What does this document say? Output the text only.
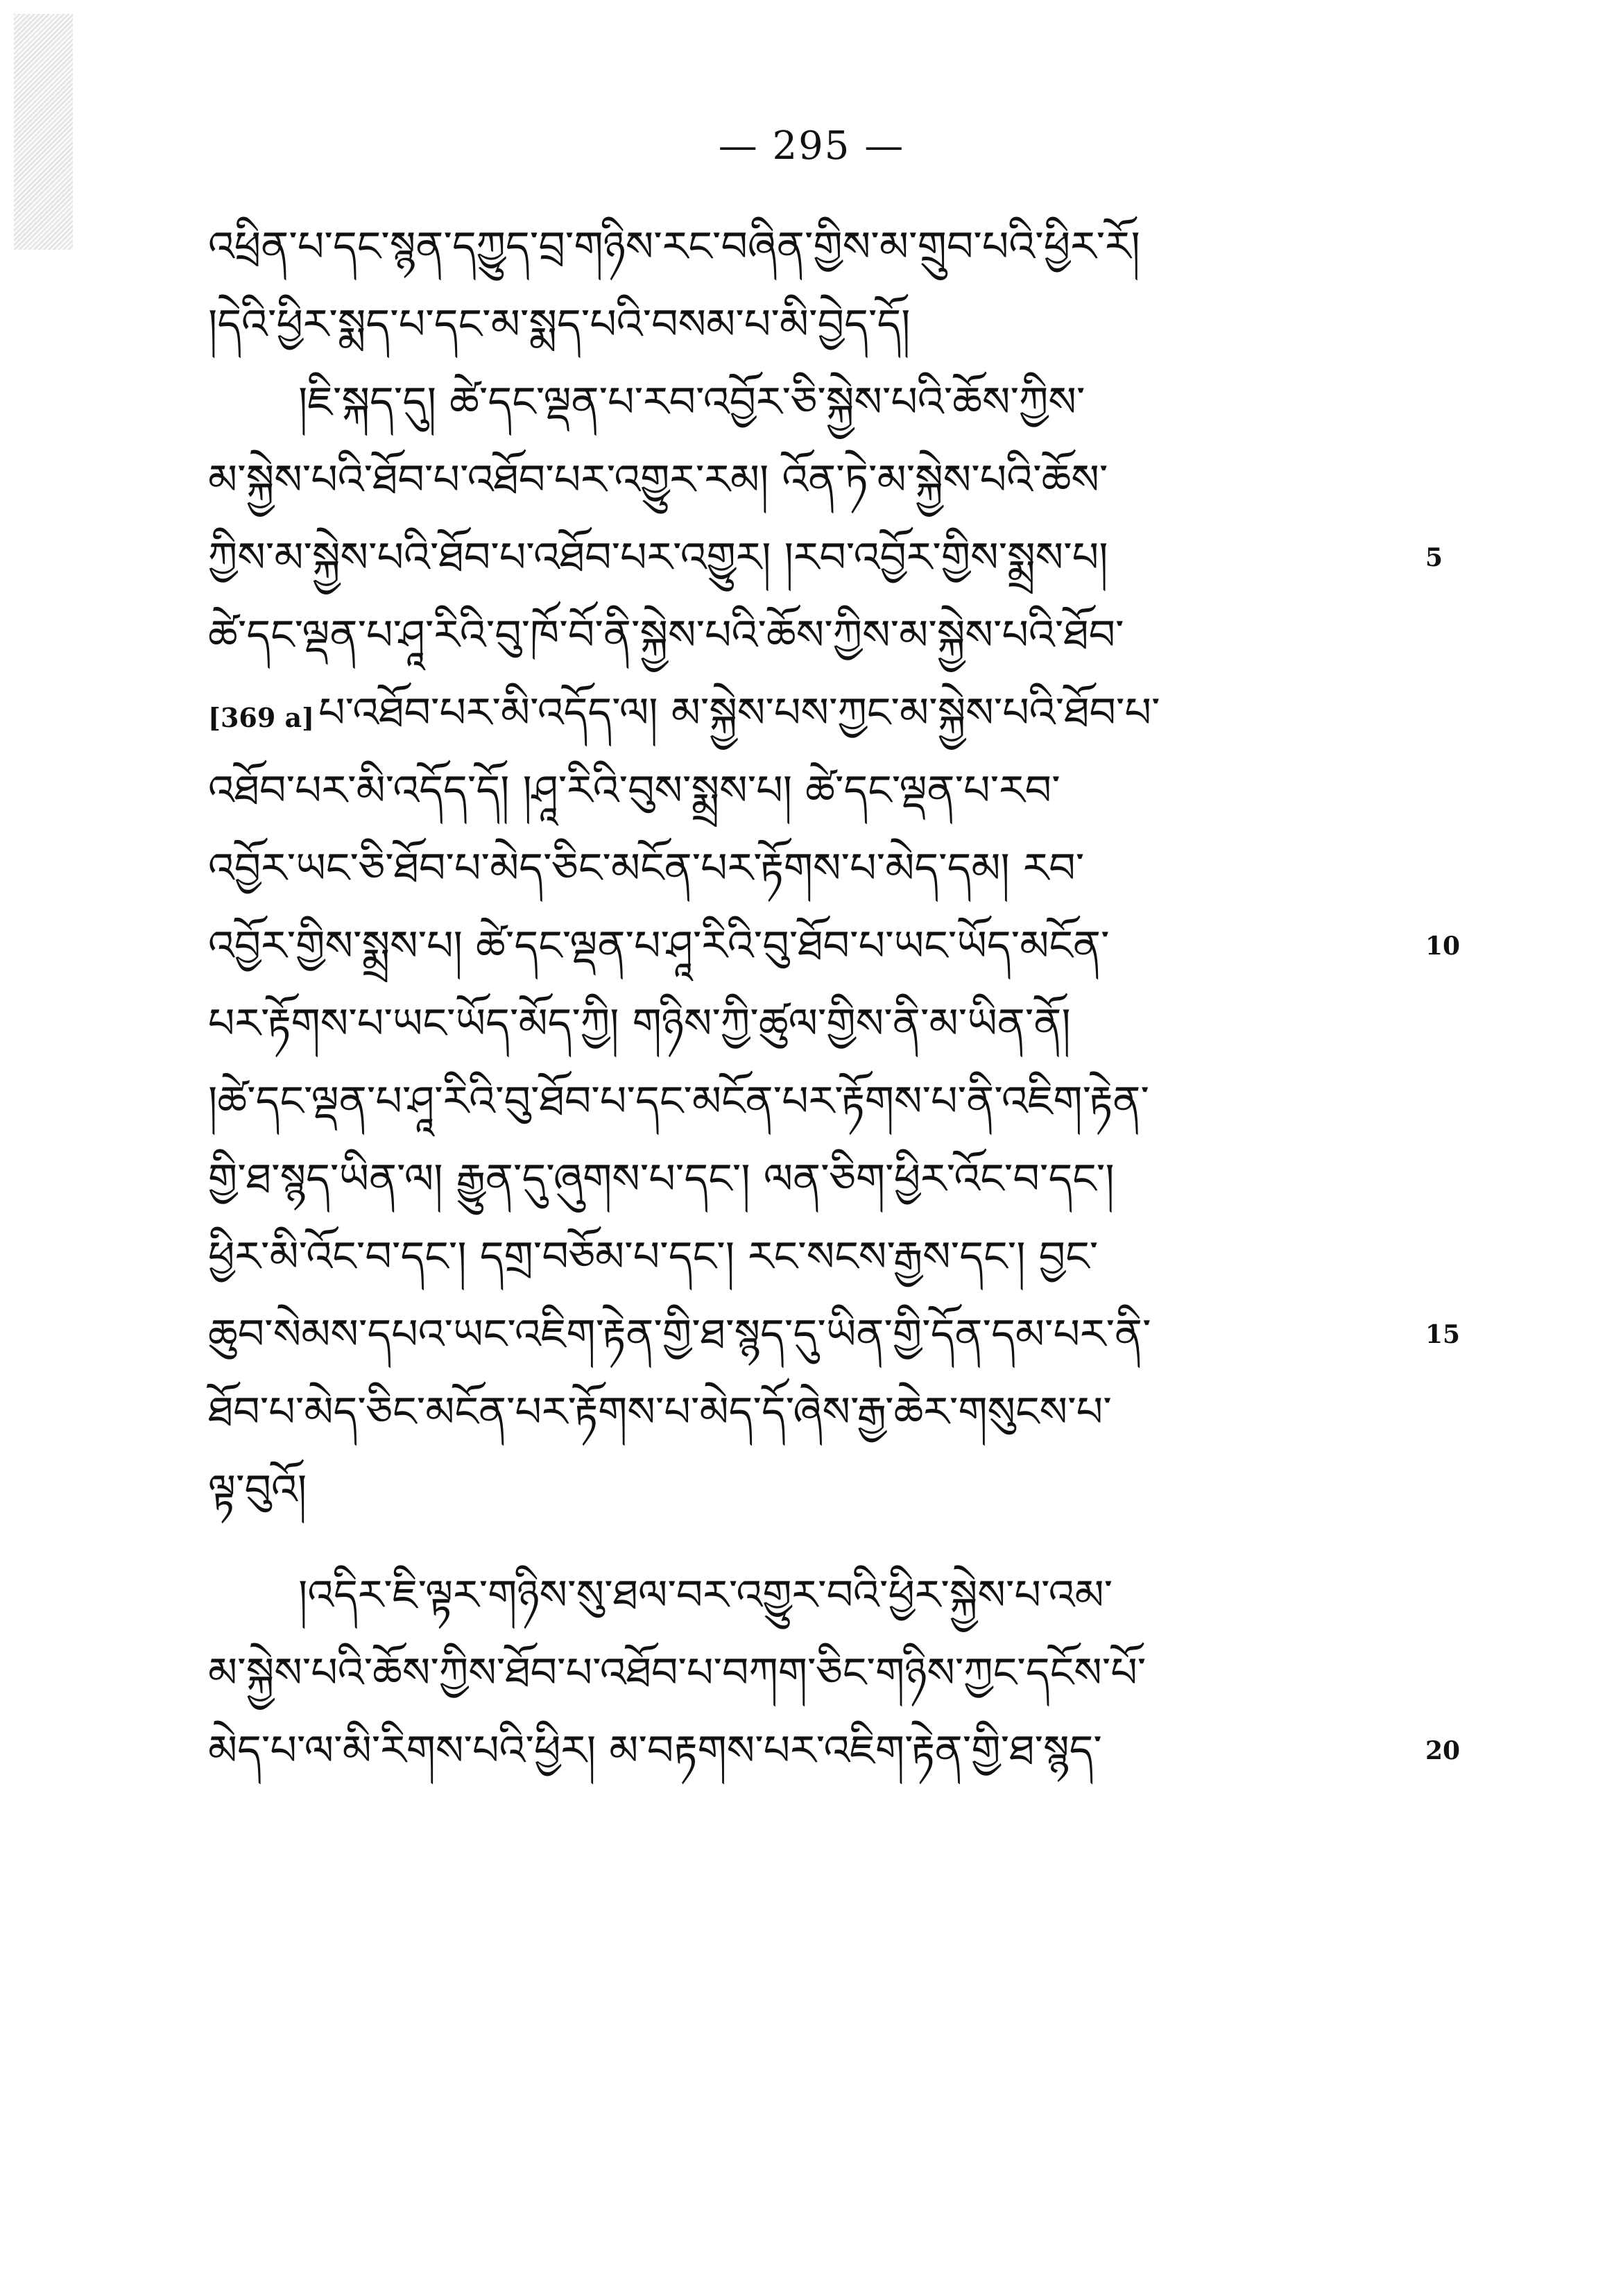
— 295 —
འཕྲིན་པ་དང་སྙན་དཀྱུད་བྲ་གཉིས་རང་བཞིན་གྱིས་མ་གྲུབ་པའི་ཕྱིར་རོ།
།དེའི་ཕྱིར་སྨད་པ་དང་མ་སྨད་པའི་བསམ་པ་མི་བྱེད་དོ།
།ཇི་སྐད་དུ། ཚེ་དང་ལྡན་པ་རབ་འབྱོར་ཅི་སྐྱེས་པའི་ཆོས་ཀྱིས་
མ་སྐྱེས་པའི་ཐོབ་པ་འཐོབ་པར་འགྱུར་རམ། འོན་ཏེ་མ་སྐྱེས་པའི་ཆོས་
ཀྱིས་མ་སྐྱེས་པའི་ཐོབ་པ་འཐོབ་པར་འགྱུར། །རབ་འབྱོར་གྱིས་སྨྲས་པ།	5
ཚེ་དང་ལྡན་པ་ཤཱ་རིའི་བུ་ཁོ་བོ་ནི་སྐྱེས་པའི་ཆོས་ཀྱིས་མ་སྐྱེས་པའི་ཐོབ་
[369 a] པ་འཐོབ་པར་མི་འདོད་ལ། མ་སྐྱེས་པས་ཀྱང་མ་སྐྱེས་པའི་ཐོབ་པ་
འཐོབ་པར་མི་འདོད་དོ། །ཤཱ་རིའི་བུས་སྨྲས་པ། ཚེ་དང་ལྡན་པ་རབ་
འབྱོར་ཡང་ཅི་ཐོབ་པ་མེད་ཅིང་མངོན་པར་རྟོགས་པ་མེད་དམ། རབ་
འབྱོར་གྱིས་སྨྲས་པ། ཚེ་དང་ལྡན་པ་ཤཱ་རིའི་བུ་ཐོབ་པ་ཡང་ཡོད་མངོན་	10
པར་རྟོགས་པ་ཡང་ཡོད་མོད་ཀྱི། གཉིས་ཀྱི་ཚུལ་གྱིས་ནི་མ་ཡིན་ནོ།
།ཚེ་དང་ལྡན་པ་ཤཱ་རིའི་བུ་ཐོབ་པ་དང་མངོན་པར་རྟོགས་པ་ནི་འཇིག་རྟེན་
གྱི་ཐ་སྙད་ཡིན་ལ། རྒྱུན་དུ་ཞུགས་པ་དང་། ལན་ཅིག་ཕྱིར་འོང་བ་དང་།
ཕྱིར་མི་འོང་བ་དང་། དགྲ་བཅོམ་པ་དང་། རང་སངས་རྒྱས་དང་། བྱང་
ཆུབ་སེམས་དཔའ་ཡང་འཇིག་རྟེན་གྱི་ཐ་སྙད་དུ་ཡིན་གྱི་དོན་དམ་པར་ནི་	15
ཐོབ་པ་མེད་ཅིང་མངོན་པར་རྟོགས་པ་མེད་དོ་ཞེས་རྒྱ་ཆེར་གསུངས་པ་
ལྟ་བུའོ།
།འདིར་ཇི་ལྟར་གཉིས་སུ་ཐལ་བར་འགྱུར་བའི་ཕྱིར་སྐྱེས་པ་འམ་
མ་སྐྱེས་པའི་ཆོས་ཀྱིས་ཐོབ་པ་འཐོབ་པ་བཀག་ཅིང་གཉིས་ཀྱང་དངོས་པོ་
མེད་པ་ལ་མི་རིགས་པའི་ཕྱིར། མ་བརྟགས་པར་འཇིག་རྟེན་གྱི་ཐ་སྙད་	20
